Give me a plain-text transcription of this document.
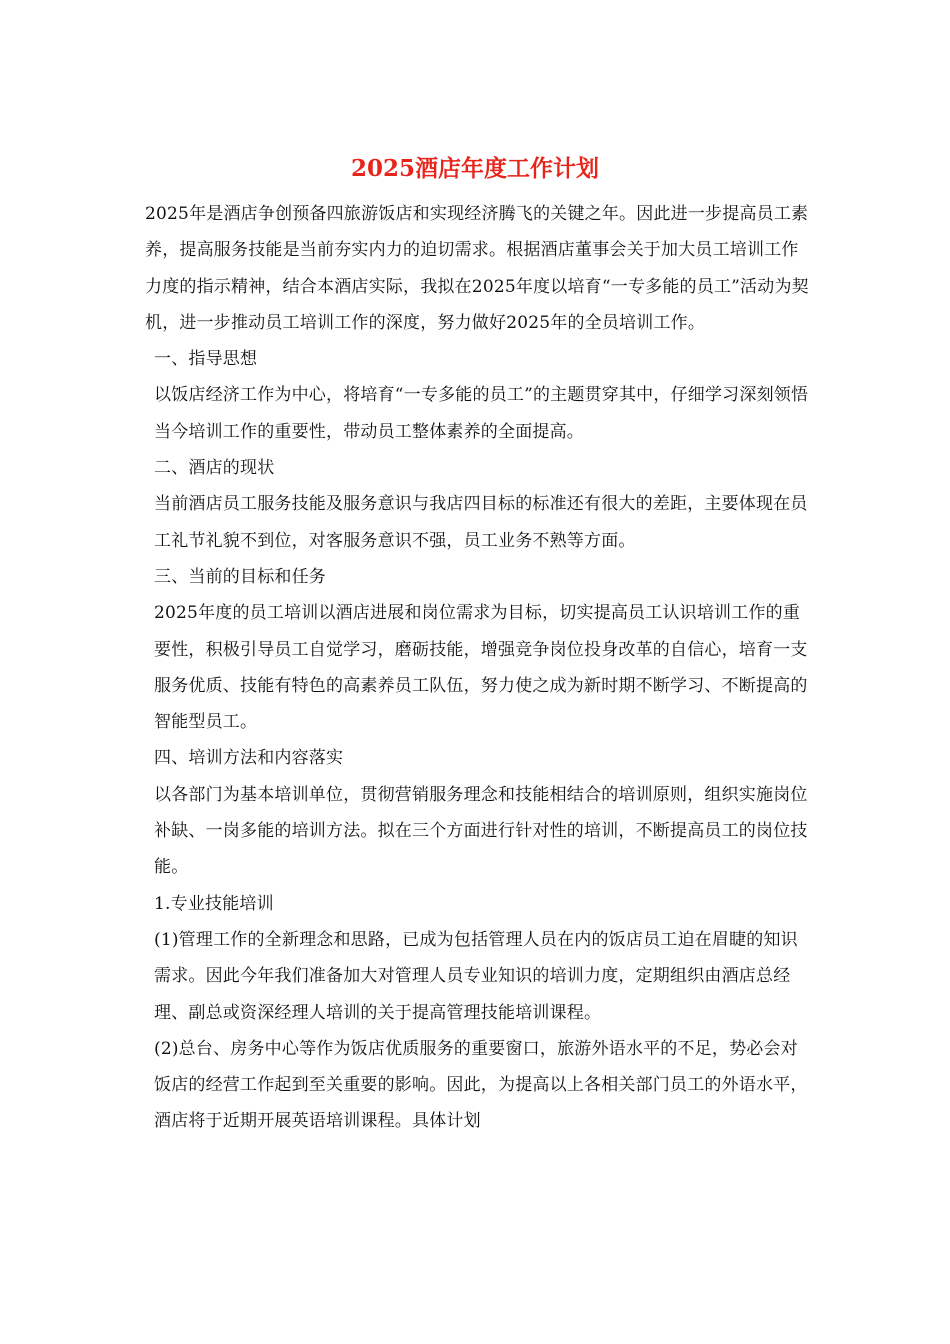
2025酒店年度工作计划

2025年是酒店争创预备四旅游饭店和实现经济腾飞的关键之年。因此进一步提高员工素养，提高服务技能是当前夯实内力的迫切需求。根据酒店董事会关于加大员工培训工作力度的指示精神，结合本酒店实际，我拟在2025年度以培育“一专多能的员工”活动为契机，进一步推动员工培训工作的深度，努力做好2025年的全员培训工作。

一、指导思想

以饭店经济工作为中心，将培育“一专多能的员工”的主题贯穿其中，仔细学习深刻领悟当今培训工作的重要性，带动员工整体素养的全面提高。

二、酒店的现状

当前酒店员工服务技能及服务意识与我店四目标的标准还有很大的差距，主要体现在员工礼节礼貌不到位，对客服务意识不强，员工业务不熟等方面。

三、当前的目标和任务

2025年度的员工培训以酒店进展和岗位需求为目标，切实提高员工认识培训工作的重要性，积极引导员工自觉学习，磨砺技能，增强竞争岗位投身改革的自信心，培育一支服务优质、技能有特色的高素养员工队伍，努力使之成为新时期不断学习、不断提高的智能型员工。

四、培训方法和内容落实

以各部门为基本培训单位，贯彻营销服务理念和技能相结合的培训原则，组织实施岗位补缺、一岗多能的培训方法。拟在三个方面进行针对性的培训，不断提高员工的岗位技能。

1.专业技能培训

(1)管理工作的全新理念和思路，已成为包括管理人员在内的饭店员工迫在眉睫的知识需求。因此今年我们准备加大对管理人员专业知识的培训力度，定期组织由酒店总经理、副总或资深经理人培训的关于提高管理技能培训课程。

(2)总台、房务中心等作为饭店优质服务的重要窗口，旅游外语水平的不足，势必会对饭店的经营工作起到至关重要的影响。因此，为提高以上各相关部门员工的外语水平，酒店将于近期开展英语培训课程。具体计划
